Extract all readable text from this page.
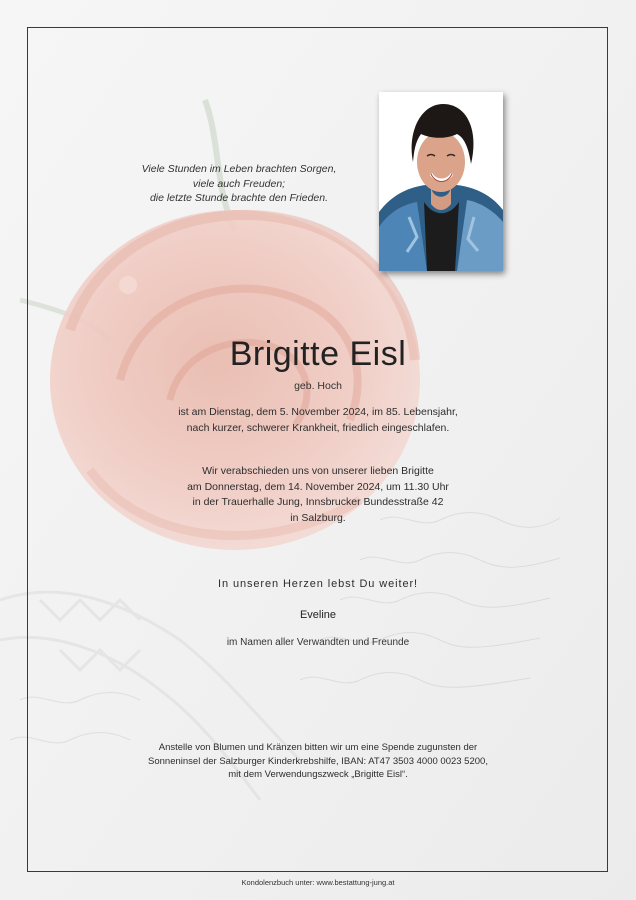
Viele Stunden im Leben brachten Sorgen,
viele auch Freuden;
die letzte Stunde brachte den Frieden.
Brigitte Eisl
geb. Hoch
ist am Dienstag, dem 5. November 2024, im 85. Lebensjahr,
nach kurzer, schwerer Krankheit, friedlich eingeschlafen.
Wir verabschieden uns von unserer lieben Brigitte
am Donnerstag, dem 14. November 2024, um 11.30 Uhr
in der Trauerhalle Jung, Innsbrucker Bundesstraße 42
in Salzburg.
In unseren Herzen lebst Du weiter!
Eveline
im Namen aller Verwandten und Freunde
Anstelle von Blumen und Kränzen bitten wir um eine Spende zugunsten der
Sonneninsel der Salzburger Kinderkrebshilfe, IBAN: AT47 3503 4000 0023 5200,
mit dem Verwendungszweck „Brigitte Eisl“.
Kondolenzbuch unter: www.bestattung-jung.at
